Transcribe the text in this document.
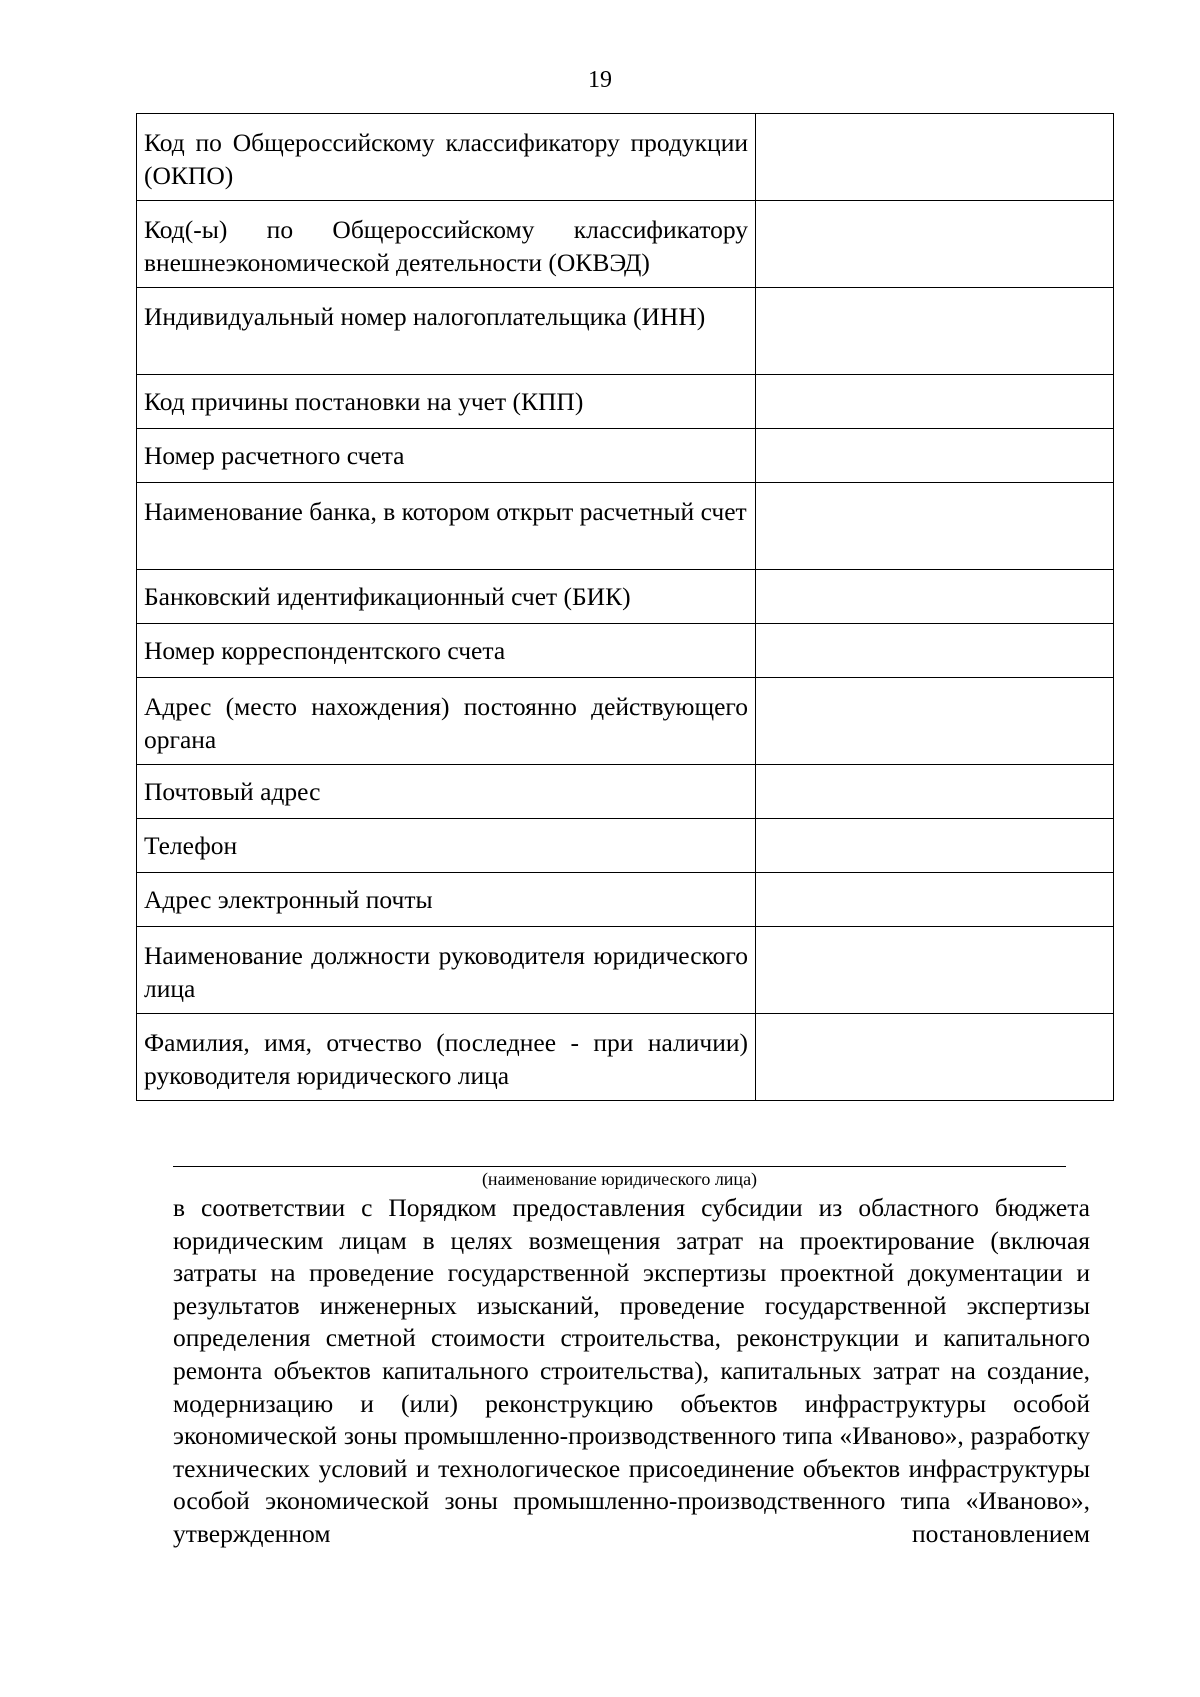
19
Код по Общероссийскому классификатору продукции (ОКПО)	

Код(-ы) по Общероссийскому классификатору внешнеэкономической деятельности (ОКВЭД)	

Индивидуальный номер налогоплательщика (ИНН)	

Код причины постановки на учет (КПП)	

Номер расчетного счета	

Наименование банка, в котором открыт расчетный счет	

Банковский идентификационный счет (БИК)	

Номер корреспондентского счета	

Адрес (место нахождения) постоянно действующего органа	

Почтовый адрес	

Телефон	

Адрес электронный почты	

Наименование должности руководителя юридического лица	

Фамилия, имя, отчество (последнее - при наличии) руководителя юридического лица	

(наименование юридического лица)
в соответствии с Порядком предоставления субсидии из областного бюджета юридическим лицам в целях возмещения затрат на проектирование (включая затраты на проведение государственной экспертизы проектной документации и результатов инженерных изысканий, проведение государственной экспертизы определения сметной стоимости строительства, реконструкции и капитального ремонта объектов капитального строительства), капитальных затрат на создание, модернизацию и (или) реконструкцию объектов инфраструктуры особой экономической зоны промышленно-производственного типа «Иваново», разработку технических условий и технологическое присоединение объектов инфраструктуры особой экономической зоны промышленно-производственного типа «Иваново», утвержденном постановлением
